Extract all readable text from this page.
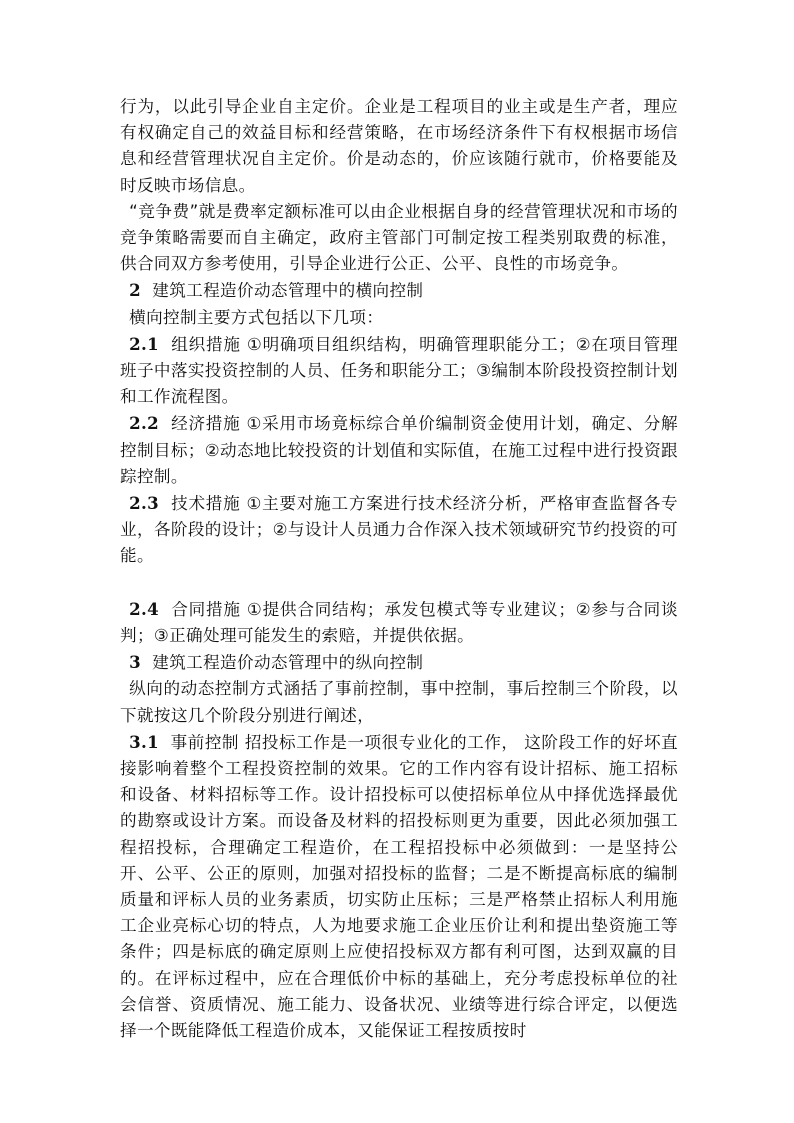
行为，以此引导企业自主定价。企业是工程项目的业主或是生产者，理应有权确定自己的效益目标和经营策略，在市场经济条件下有权根据市场信息和经营管理状况自主定价。价是动态的，价应该随行就市，价格要能及时反映市场信息。

“竞争费”就是费率定额标准可以由企业根据自身的经营管理状况和市场的竞争策略需要而自主确定，政府主管部门可制定按工程类别取费的标准，供合同双方参考使用，引导企业进行公正、公平、良性的市场竞争。

2 建筑工程造价动态管理中的横向控制

横向控制主要方式包括以下几项：

2.1 组织措施 ①明确项目组织结构，明确管理职能分工；②在项目管理班子中落实投资控制的人员、任务和职能分工；③编制本阶段投资控制计划和工作流程图。

2.2 经济措施 ①采用市场竟标综合单价编制资金使用计划，确定、分解控制目标；②动态地比较投资的计划值和实际值，在施工过程中进行投资跟踪控制。

2.3 技术措施 ①主要对施工方案进行技术经济分析，严格审查监督各专业，各阶段的设计；②与设计人员通力合作深入技术领域研究节约投资的可能。

2.4 合同措施 ①提供合同结构；承发包模式等专业建议；②参与合同谈判；③正确处理可能发生的索赔，并提供依据。

3 建筑工程造价动态管理中的纵向控制

纵向的动态控制方式涵括了事前控制，事中控制，事后控制三个阶段，以下就按这几个阶段分别进行阐述，

3.1 事前控制 招投标工作是一项很专业化的工作， 这阶段工作的好坏直接影响着整个工程投资控制的效果。它的工作内容有设计招标、施工招标和设备、材料招标等工作。设计招投标可以使招标单位从中择优选择最优的勘察或设计方案。而设备及材料的招投标则更为重要，因此必须加强工程招投标，合理确定工程造价，在工程招投标中必须做到：一是坚持公开、公平、公正的原则，加强对招投标的监督；二是不断提高标底的编制质量和评标人员的业务素质，切实防止压标；三是严格禁止招标人利用施工企业亮标心切的特点，人为地要求施工企业压价让利和提出垫资施工等条件；四是标底的确定原则上应使招投标双方都有利可图，达到双赢的目的。在评标过程中，应在合理低价中标的基础上，充分考虑投标单位的社会信誉、资质情况、施工能力、设备状况、业绩等进行综合评定，以便选择一个既能降低工程造价成本，又能保证工程按质按时
